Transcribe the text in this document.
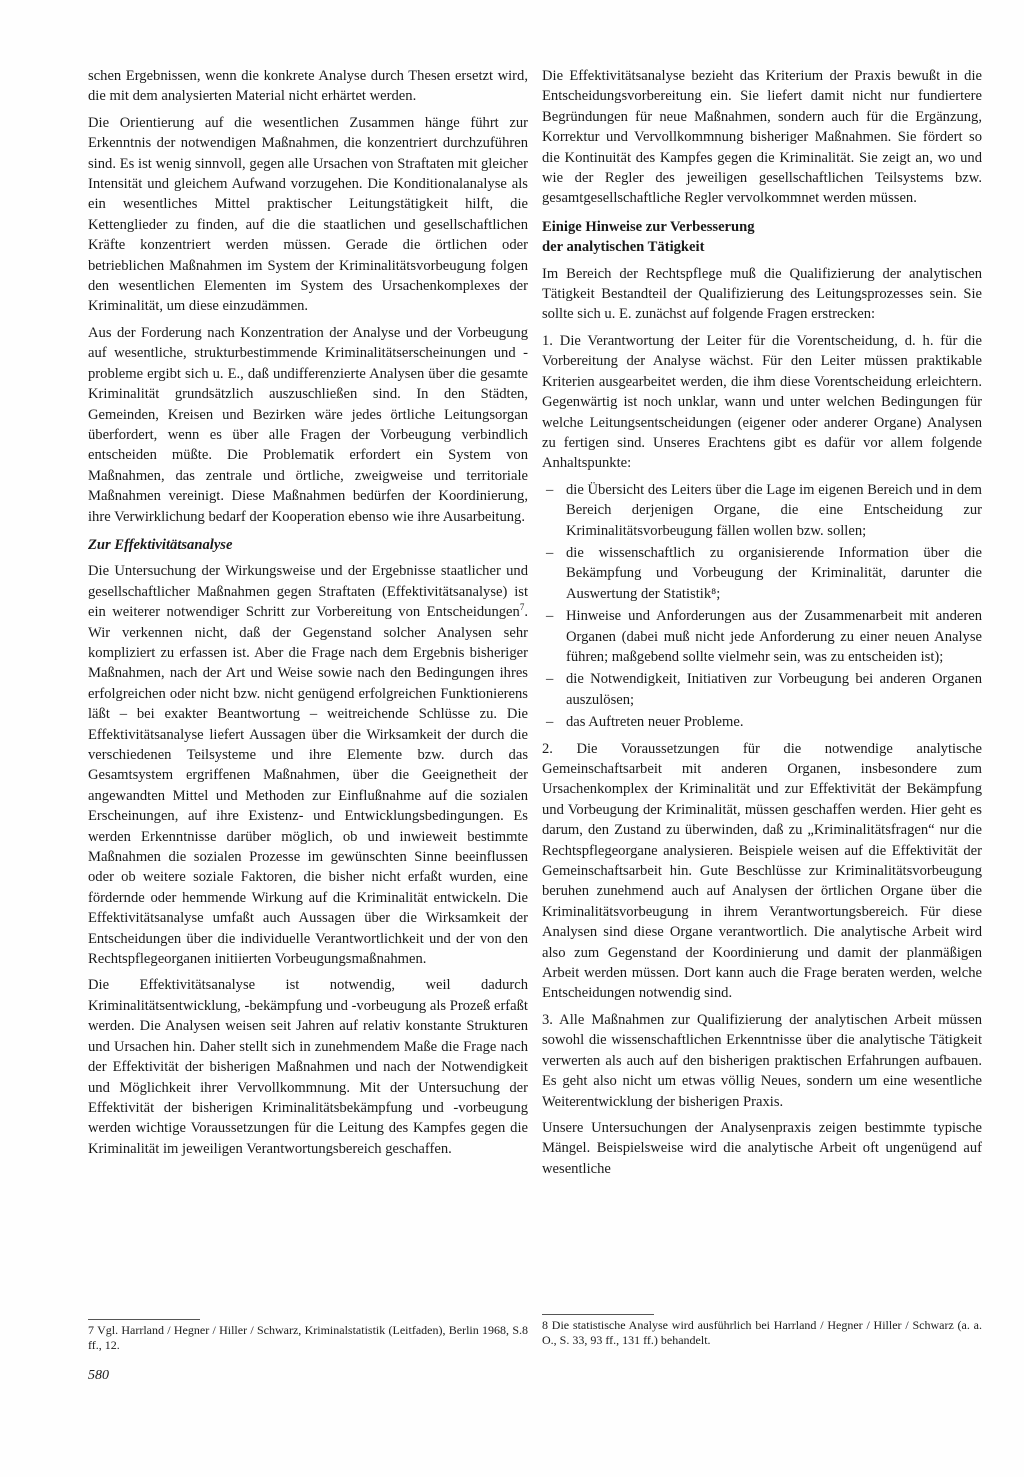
schen Ergebnissen, wenn die konkrete Analyse durch Thesen ersetzt wird, die mit dem analysierten Material nicht erhärtet werden.

Die Orientierung auf die wesentlichen Zusammen hänge führt zur Erkenntnis der notwendigen Maßnahmen, die konzentriert durchzuführen sind. Es ist wenig sinnvoll, gegen alle Ursachen von Straftaten mit gleicher Intensität und gleichem Aufwand vorzugehen. Die Konditionalanalyse als ein wesentliches Mittel praktischer Leitungstätigkeit hilft, die Kettenglieder zu finden, auf die die staatlichen und gesellschaftlichen Kräfte konzentriert werden müssen. Gerade die örtlichen oder betrieblichen Maßnahmen im System der Kriminalitätsvorbeugung folgen den wesentlichen Elementen im System des Ursachenkomplexes der Kriminalität, um diese einzudämmen.

Aus der Forderung nach Konzentration der Analyse und der Vorbeugung auf wesentliche, strukturbestimmende Kriminalitätserscheinungen und -probleme ergibt sich u. E., daß undifferenzierte Analysen über die gesamte Kriminalität grundsätzlich auszuschließen sind. In den Städten, Gemeinden, Kreisen und Bezirken wäre jedes örtliche Leitungsorgan überfordert, wenn es über alle Fragen der Vorbeugung verbindlich entscheiden müßte. Die Problematik erfordert ein System von Maßnahmen, das zentrale und örtliche, zweigweise und territoriale Maßnahmen vereinigt. Diese Maßnahmen bedürfen der Koordinierung, ihre Verwirklichung bedarf der Kooperation ebenso wie ihre Ausarbeitung.

Zur Effektivitätsanalyse

Die Untersuchung der Wirkungsweise und der Ergebnisse staatlicher und gesellschaftlicher Maßnahmen gegen Straftaten (Effektivitätsanalyse) ist ein weiterer notwendiger Schritt zur Vorbereitung von Entscheidungen$^7$. Wir verkennen nicht, daß der Gegenstand solcher Analysen sehr kompliziert zu erfassen ist. Aber die Frage nach dem Ergebnis bisheriger Maßnahmen, nach der Art und Weise sowie nach den Bedingungen ihres erfolgreichen oder nicht bzw. nicht genügend erfolgreichen Funktionierens läßt – bei exakter Beantwortung – weitreichende Schlüsse zu. Die Effektivitätsanalyse liefert Aussagen über die Wirksamkeit der durch die verschiedenen Teilsysteme und ihre Elemente bzw. durch das Gesamtsystem ergriffenen Maßnahmen, über die Geeignetheit der angewandten Mittel und Methoden zur Einflußnahme auf die sozialen Erscheinungen, auf ihre Existenz- und Entwicklungsbedingungen. Es werden Erkenntnisse darüber möglich, ob und inwieweit bestimmte Maßnahmen die sozialen Prozesse im gewünschten Sinne beeinflussen oder ob weitere soziale Faktoren, die bisher nicht erfaßt wurden, eine fördernde oder hemmende Wirkung auf die Kriminalität entwickeln. Die Effektivitätsanalyse umfaßt auch Aussagen über die Wirksamkeit der Entscheidungen über die individuelle Verantwortlichkeit und der von den Rechtspflegeorganen initiierten Vorbeugungsmaßnahmen.

Die Effektivitätsanalyse ist notwendig, weil dadurch Kriminalitätsentwicklung, -bekämpfung und -vorbeugung als Prozeß erfaßt werden. Die Analysen weisen seit Jahren auf relativ konstante Strukturen und Ursachen hin. Daher stellt sich in zunehmendem Maße die Frage nach der Effektivität der bisherigen Maßnahmen und nach der Notwendigkeit und Möglichkeit ihrer Vervollkommnung. Mit der Untersuchung der Effektivität der bisherigen Kriminalitätsbekämpfung und -vorbeugung werden wichtige Voraussetzungen für die Leitung des Kampfes gegen die Kriminalität im jeweiligen Verantwortungsbereich geschaffen.

7 Vgl. Harrland / Hegner / Hiller / Schwarz, Kriminalstatistik (Leitfaden), Berlin 1968, S.8 ff., 12.

Die Effektivitätsanalyse bezieht das Kriterium der Praxis bewußt in die Entscheidungsvorbereitung ein. Sie liefert damit nicht nur fundiertere Begründungen für neue Maßnahmen, sondern auch für die Ergänzung, Korrektur und Vervollkommnung bisheriger Maßnahmen. Sie fördert so die Kontinuität des Kampfes gegen die Kriminalität. Sie zeigt an, wo und wie der Regler des jeweiligen gesellschaftlichen Teilsystems bzw. gesamtgesellschaftliche Regler vervolkommnet werden müssen.

Einige Hinweise zur Verbesserung
der analytischen Tätigkeit

Im Bereich der Rechtspflege muß die Qualifizierung der analytischen Tätigkeit Bestandteil der Qualifizierung des Leitungsprozesses sein. Sie sollte sich u. E. zunächst auf folgende Fragen erstrecken:

1. Die Verantwortung der Leiter für die Vorentscheidung, d. h. für die Vorbereitung der Analyse wächst. Für den Leiter müssen praktikable Kriterien ausgearbeitet werden, die ihm diese Vorentscheidung erleichtern. Gegenwärtig ist noch unklar, wann und unter welchen Bedingungen für welche Leitungsentscheidungen (eigener oder anderer Organe) Analysen zu fertigen sind. Unseres Erachtens gibt es dafür vor allem folgende Anhaltspunkte:

– die Übersicht des Leiters über die Lage im eigenen Bereich und in dem Bereich derjenigen Organe, die eine Entscheidung zur Kriminalitätsvorbeugung fällen wollen bzw. sollen;
– die wissenschaftlich zu organisierende Information über die Bekämpfung und Vorbeugung der Kriminalität, darunter die Auswertung der Statistik⁸;
– Hinweise und Anforderungen aus der Zusammenarbeit mit anderen Organen (dabei muß nicht jede Anforderung zu einer neuen Analyse führen; maßgebend sollte vielmehr sein, was zu entscheiden ist);
– die Notwendigkeit, Initiativen zur Vorbeugung bei anderen Organen auszulösen;
– das Auftreten neuer Probleme.

2. Die Voraussetzungen für die notwendige analytische Gemeinschaftsarbeit mit anderen Organen, insbesondere zum Ursachenkomplex der Kriminalität und zur Effektivität der Bekämpfung und Vorbeugung der Kriminalität, müssen geschaffen werden. Hier geht es darum, den Zustand zu überwinden, daß zu „Kriminalitätsfragen“ nur die Rechtspflegeorgane analysieren. Beispiele weisen auf die Effektivität der Gemeinschaftsarbeit hin. Gute Beschlüsse zur Kriminalitätsvorbeugung beruhen zunehmend auch auf Analysen der örtlichen Organe über die Kriminalitätsvorbeugung in ihrem Verantwortungsbereich. Für diese Analysen sind diese Organe verantwortlich. Die analytische Arbeit wird also zum Gegenstand der Koordinierung und damit der planmäßigen Arbeit werden müssen. Dort kann auch die Frage beraten werden, welche Entscheidungen notwendig sind.

3. Alle Maßnahmen zur Qualifizierung der analytischen Arbeit müssen sowohl die wissenschaftlichen Erkenntnisse über die analytische Tätigkeit verwerten als auch auf den bisherigen praktischen Erfahrungen aufbauen. Es geht also nicht um etwas völlig Neues, sondern um eine wesentliche Weiterentwicklung der bisherigen Praxis.

Unsere Untersuchungen der Analysenpraxis zeigen bestimmte typische Mängel. Beispielsweise wird die analytische Arbeit oft ungenügend auf wesentliche

8 Die statistische Analyse wird ausführlich bei Harrland / Hegner / Hiller / Schwarz (a. a. O., S. 33, 93 ff., 131 ff.) behandelt.
580
